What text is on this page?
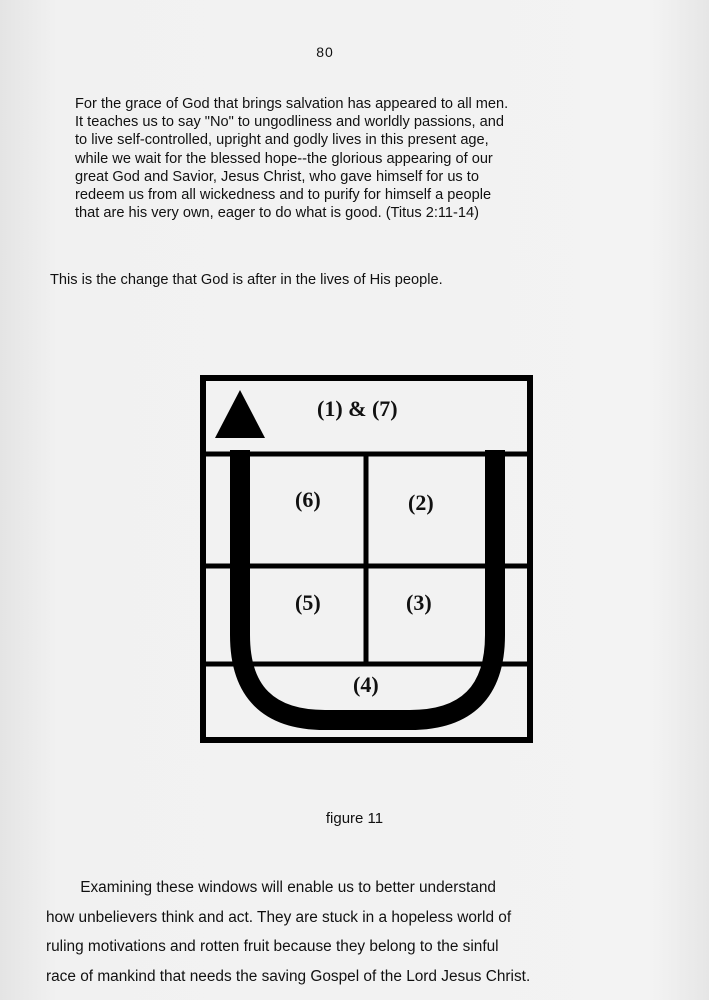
80
For the grace of God that brings salvation has appeared to all men.
It teaches us to say "No" to ungodliness and worldly passions, and
to live self-controlled, upright and godly lives in this present age,
while we wait for the blessed hope--the glorious appearing of our
great God and Savior, Jesus Christ, who gave himself for us to
redeem us from all wickedness and to purify for himself a people
that are his very own, eager to do what is good. (Titus 2:11-14)
This is the change that God is after in the lives of His people.
(1) & (7)
(6)	(2)
(5)	(3)
(4)
figure 11
Examining these windows will enable us to better understand
how unbelievers think and act. They are stuck in a hopeless world of
ruling motivations and rotten fruit because they belong to the sinful
race of mankind that needs the saving Gospel of the Lord Jesus Christ.
